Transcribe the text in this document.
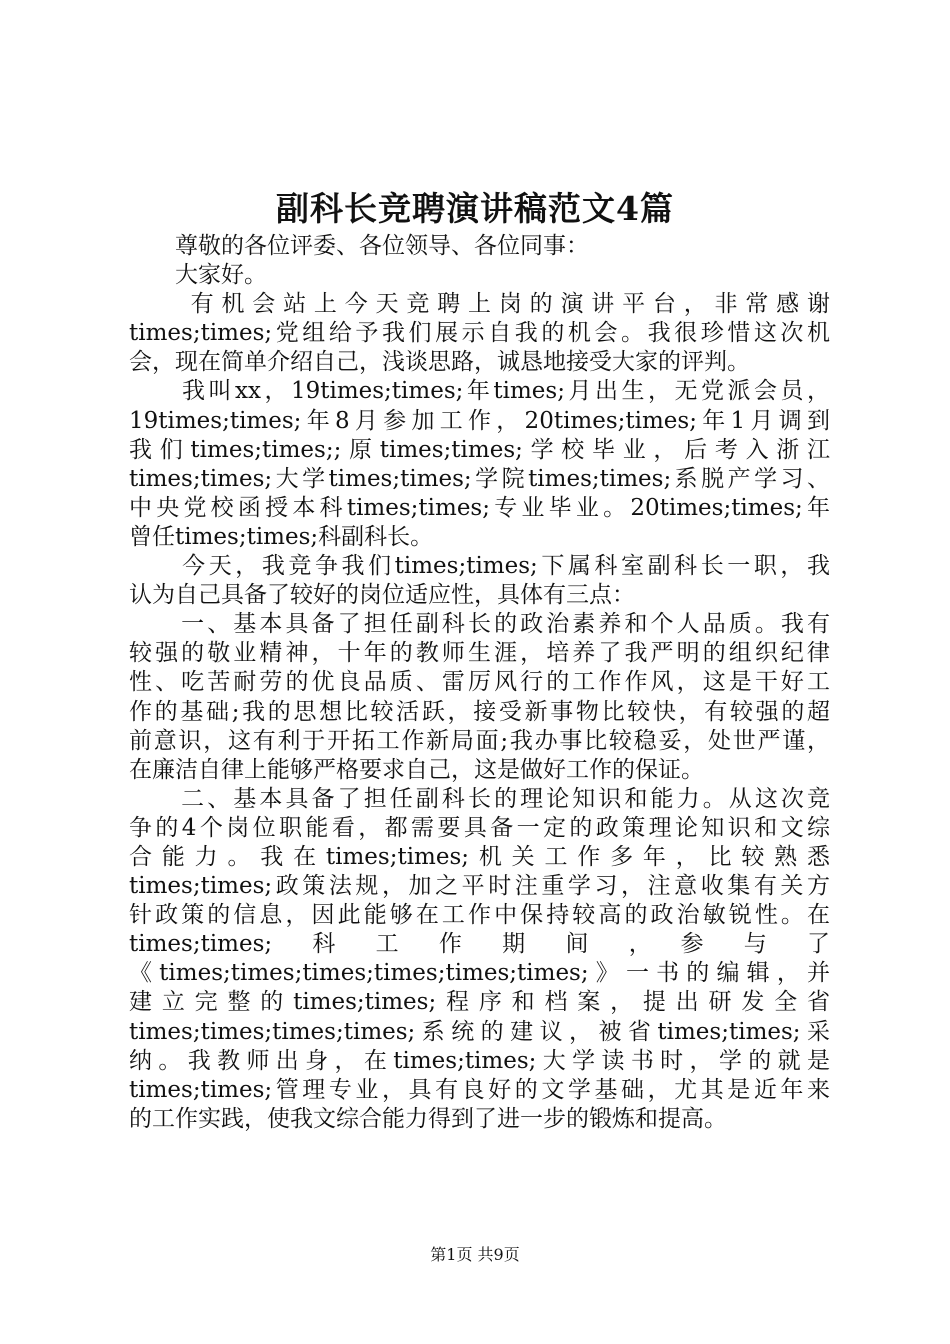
副科长竞聘演讲稿范文4篇
　　尊敬的各位评委、各位领导、各位同事：
　　大家好。
　　有机会站上今天竞聘上岗的演讲平台，非常感谢
times;times;党组给予我们展示自我的机会。我很珍惜这次机
会，现在简单介绍自己，浅谈思路，诚恳地接受大家的评判。
　　我叫xx，19times;times;年times;月出生，无党派会员，
19times;times;年8月参加工作，20times;times;年1月调到
我们times;times;;原times;times;学校毕业，后考入浙江
times;times;大学times;times;学院times;times;系脱产学习、
中央党校函授本科times;times;专业毕业。20times;times;年
曾任times;times;科副科长。
　　今天，我竞争我们times;times;下属科室副科长一职，我
认为自己具备了较好的岗位适应性，具体有三点：
　　一、基本具备了担任副科长的政治素养和个人品质。我有
较强的敬业精神，十年的教师生涯，培养了我严明的组织纪律
性、吃苦耐劳的优良品质、雷厉风行的工作作风，这是干好工
作的基础;我的思想比较活跃，接受新事物比较快，有较强的超
前意识，这有利于开拓工作新局面;我办事比较稳妥，处世严谨，
在廉洁自律上能够严格要求自己，这是做好工作的保证。
　　二、基本具备了担任副科长的理论知识和能力。从这次竞
争的4个岗位职能看，都需要具备一定的政策理论知识和文综
合能力。我在times;times;机关工作多年，比较熟悉
times;times;政策法规，加之平时注重学习，注意收集有关方
针政策的信息，因此能够在工作中保持较高的政治敏锐性。在
times;times;　科　工　作　期　间　，　参　与　了
《times;times;times;times;times;times;》一书的编辑，并
建立完整的times;times;程序和档案，提出研发全省
times;times;times;times;系统的建议，被省times;times;采
纳。我教师出身，在times;times;大学读书时，学的就是
times;times;管理专业，具有良好的文学基础，尤其是近年来
的工作实践，使我文综合能力得到了进一步的锻炼和提高。
第1页 共9页
